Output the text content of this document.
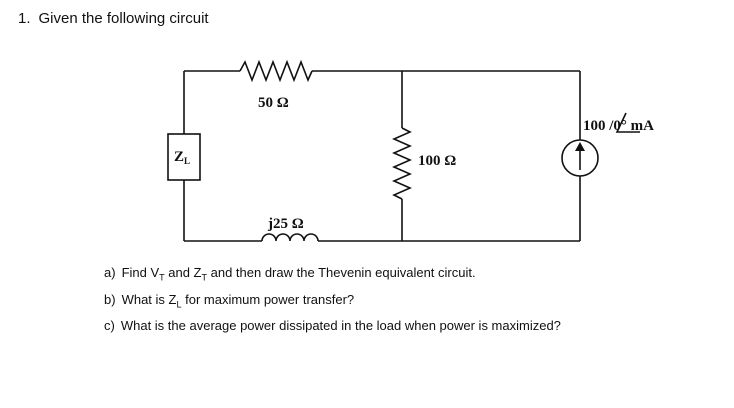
1. Given the following circuit
50 Ω
100 Ω
j25 Ω
$Z_L$
100 /0° mA
a) Find $V_T$ and $Z_T$ and then draw the Thevenin equivalent circuit.
b) What is $Z_L$ for maximum power transfer?
c) What is the average power dissipated in the load when power is maximized?
